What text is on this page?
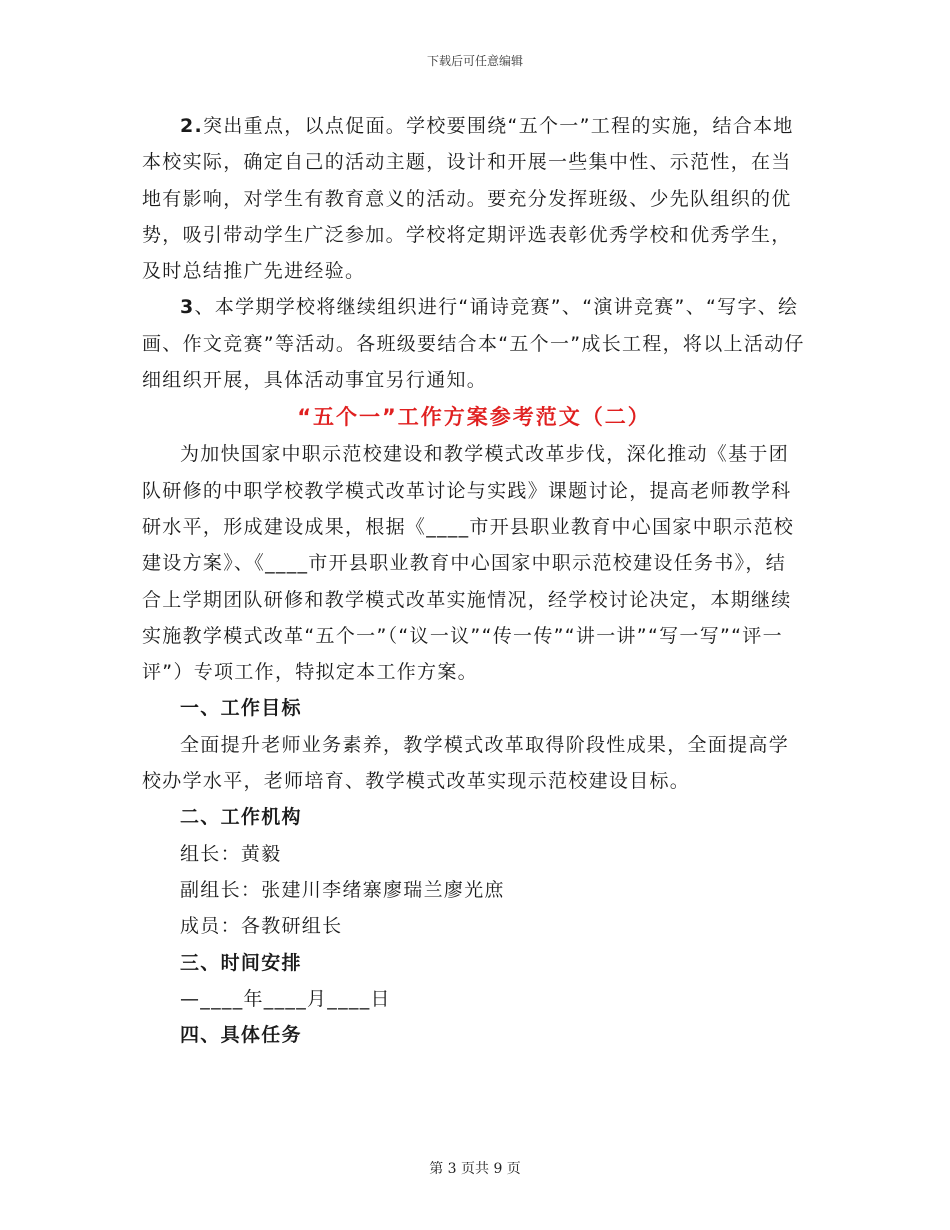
下载后可任意编辑

2.突出重点，以点促面。学校要围绕“五个一”工程的实施，结合本地本校实际，确定自己的活动主题，设计和开展一些集中性、示范性，在当地有影响，对学生有教育意义的活动。要充分发挥班级、少先队组织的优势，吸引带动学生广泛参加。学校将定期评选表彰优秀学校和优秀学生，及时总结推广先进经验。

3、本学期学校将继续组织进行“诵诗竞赛”、“演讲竞赛”、“写字、绘画、作文竞赛”等活动。各班级要结合本“五个一”成长工程，将以上活动仔细组织开展，具体活动事宜另行通知。

“五个一”工作方案参考范文（二）

为加快国家中职示范校建设和教学模式改革步伐，深化推动《基于团队研修的中职学校教学模式改革讨论与实践》课题讨论，提高老师教学科研水平，形成建设成果，根据《____市开县职业教育中心国家中职示范校建设方案》、《____市开县职业教育中心国家中职示范校建设任务书》，结合上学期团队研修和教学模式改革实施情况，经学校讨论决定，本期继续实施教学模式改革“五个一”（“议一议”“传一传”“讲一讲”“写一写”“评一评”）专项工作，特拟定本工作方案。

一、工作目标

全面提升老师业务素养，教学模式改革取得阶段性成果，全面提高学校办学水平，老师培育、教学模式改革实现示范校建设目标。

二、工作机构

组长：黄毅

副组长：张建川李绪寨廖瑞兰廖光庶

成员：各教研组长

三、时间安排

—____年____月____日

四、具体任务

第 3 页共 9 页
